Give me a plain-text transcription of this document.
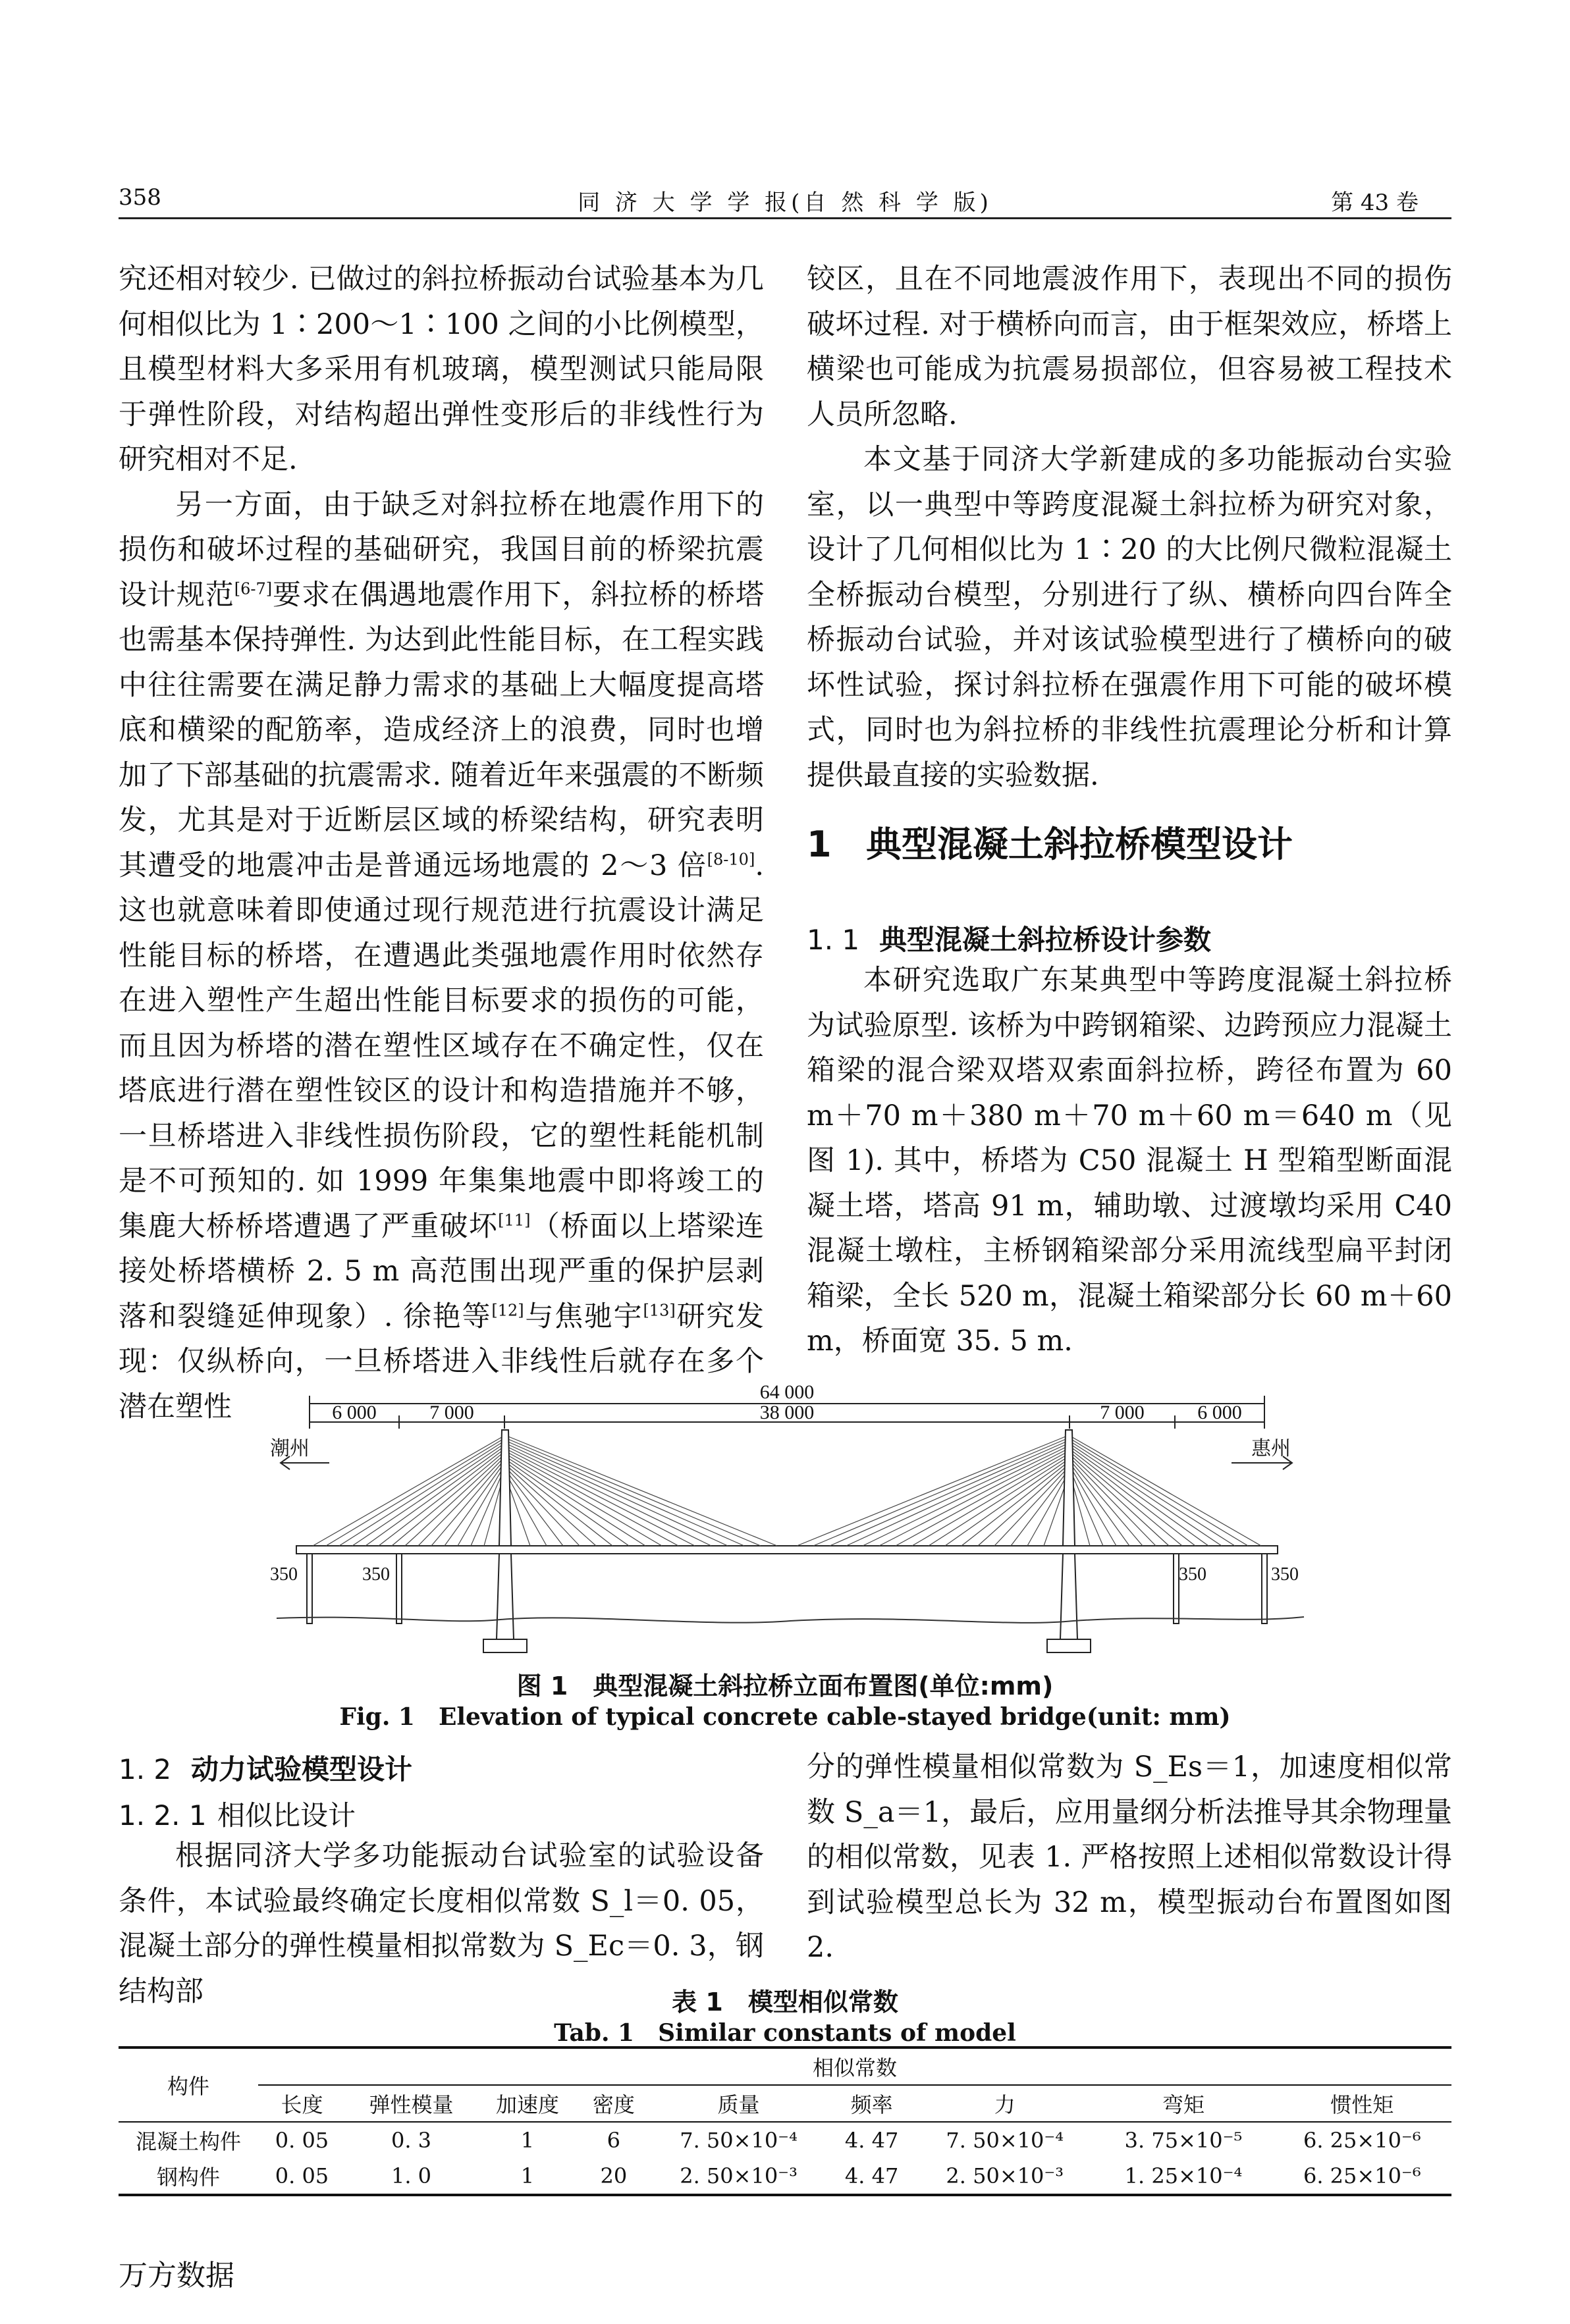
358	同 济 大 学 学 报(自 然 科 学 版)	第 43 卷

究还相对较少. 已做过的斜拉桥振动台试验基本为几何相似比为 1∶200～1∶100 之间的小比例模型，且模型材料大多采用有机玻璃，模型测试只能局限于弹性阶段，对结构超出弹性变形后的非线性行为研究相对不足.

另一方面，由于缺乏对斜拉桥在地震作用下的损伤和破坏过程的基础研究，我国目前的桥梁抗震设计规范[6-7]要求在偶遇地震作用下，斜拉桥的桥塔也需基本保持弹性. 为达到此性能目标，在工程实践中往往需要在满足静力需求的基础上大幅度提高塔底和横梁的配筋率，造成经济上的浪费，同时也增加了下部基础的抗震需求. 随着近年来强震的不断频发，尤其是对于近断层区域的桥梁结构，研究表明其遭受的地震冲击是普通远场地震的 2～3 倍[8-10]. 这也就意味着即使通过现行规范进行抗震设计满足性能目标的桥塔，在遭遇此类强地震作用时依然存在进入塑性产生超出性能目标要求的损伤的可能，而且因为桥塔的潜在塑性区域存在不确定性，仅在塔底进行潜在塑性铰区的设计和构造措施并不够，一旦桥塔进入非线性损伤阶段，它的塑性耗能机制是不可预知的. 如 1999 年集集地震中即将竣工的集鹿大桥桥塔遭遇了严重破坏[11]（桥面以上塔梁连接处桥塔横桥 2. 5 m 高范围出现严重的保护层剥落和裂缝延伸现象）. 徐艳等[12]与焦驰宇[13]研究发现：仅纵桥向，一旦桥塔进入非线性后就存在多个潜在塑性

铰区，且在不同地震波作用下，表现出不同的损伤破坏过程. 对于横桥向而言，由于框架效应，桥塔上横梁也可能成为抗震易损部位，但容易被工程技术人员所忽略.

本文基于同济大学新建成的多功能振动台实验室，以一典型中等跨度混凝土斜拉桥为研究对象，设计了几何相似比为 1∶20 的大比例尺微粒混凝土全桥振动台模型，分别进行了纵、横桥向四台阵全桥振动台试验，并对该试验模型进行了横桥向的破坏性试验，探讨斜拉桥在强震作用下可能的破坏模式，同时也为斜拉桥的非线性抗震理论分析和计算提供最直接的实验数据.

1 典型混凝土斜拉桥模型设计
1. 1 典型混凝土斜拉桥设计参数

本研究选取广东某典型中等跨度混凝土斜拉桥为试验原型. 该桥为中跨钢箱梁、边跨预应力混凝土箱梁的混合梁双塔双索面斜拉桥，跨径布置为 60 m＋70 m＋380 m＋70 m＋60 m＝640 m（见图 1). 其中，桥塔为 C50 混凝土 H 型箱型断面混凝土塔，塔高 91 m，辅助墩、过渡墩均采用 C40 混凝土墩柱，主桥钢箱梁部分采用流线型扁平封闭箱梁，全长 520 m，混凝土箱梁部分长 60 m＋60 m，桥面宽 35. 5 m.

64 000
6 000	7 000	38 000	7 000	6 000
潮州	惠州
350	350	350	350
图 1　典型混凝土斜拉桥立面布置图(单位:mm)
Fig. 1　Elevation of typical concrete cable-stayed bridge(unit: mm)
1. 2 动力试验模型设计
1. 2. 1 相似比设计

根据同济大学多功能振动台试验室的试验设备条件，本试验最终确定长度相似常数 S_l＝0. 05，混凝土部分的弹性模量相拟常数为 S_Ec＝0. 3，钢结构部

分的弹性模量相似常数为 S_Es＝1，加速度相似常数 S_a＝1，最后，应用量纲分析法推导其余物理量的相似常数，见表 1. 严格按照上述相似常数设计得到试验模型总长为 32 m，模型振动台布置图如图 2.

表 1　模型相似常数
Tab. 1　Similar constants of model
构件	相似常数								
	长度	弹性模量	加速度	密度	质量	频率	力	弯矩	惯性矩
混凝土构件	0. 05	0. 3	1	6	7. 50×10⁻⁴	4. 47	7. 50×10⁻⁴	3. 75×10⁻⁵	6. 25×10⁻⁶
钢构件	0. 05	1. 0	1	20	2. 50×10⁻³	4. 47	2. 50×10⁻³	1. 25×10⁻⁴	6. 25×10⁻⁶
万方数据
